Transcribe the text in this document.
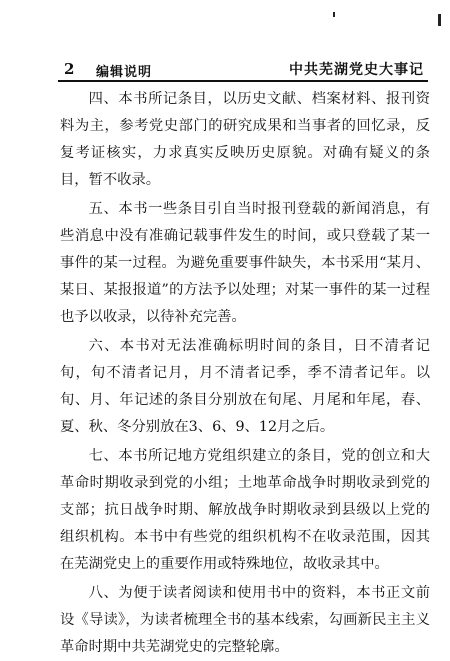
2 编辑说明	中共芜湖党史大事记

四、本书所记条目，以历史文献、档案材料、报刊资料为主，参考党史部门的研究成果和当事者的回忆录，反复考证核实，力求真实反映历史原貌。对确有疑义的条目，暂不收录。

五、本书一些条目引自当时报刊登载的新闻消息，有些消息中没有准确记载事件发生的时间，或只登载了某一事件的某一过程。为避免重要事件缺失，本书采用“某月、某日、某报报道”的方法予以处理；对某一事件的某一过程也予以收录，以待补充完善。

六、本书对无法准确标明时间的条目，日不清者记旬，旬不清者记月，月不清者记季，季不清者记年。以旬、月、年记述的条目分别放在旬尾、月尾和年尾，春、夏、秋、冬分别放在3、6、9、12月之后。

七、本书所记地方党组织建立的条目，党的创立和大革命时期收录到党的小组；土地革命战争时期收录到党的支部；抗日战争时期、解放战争时期收录到县级以上党的组织机构。本书中有些党的组织机构不在收录范围，因其在芜湖党史上的重要作用或特殊地位，故收录其中。

八、为便于读者阅读和使用书中的资料，本书正文前设《导读》，为读者梳理全书的基本线索，勾画新民主主义革命时期中共芜湖党史的完整轮廓。
